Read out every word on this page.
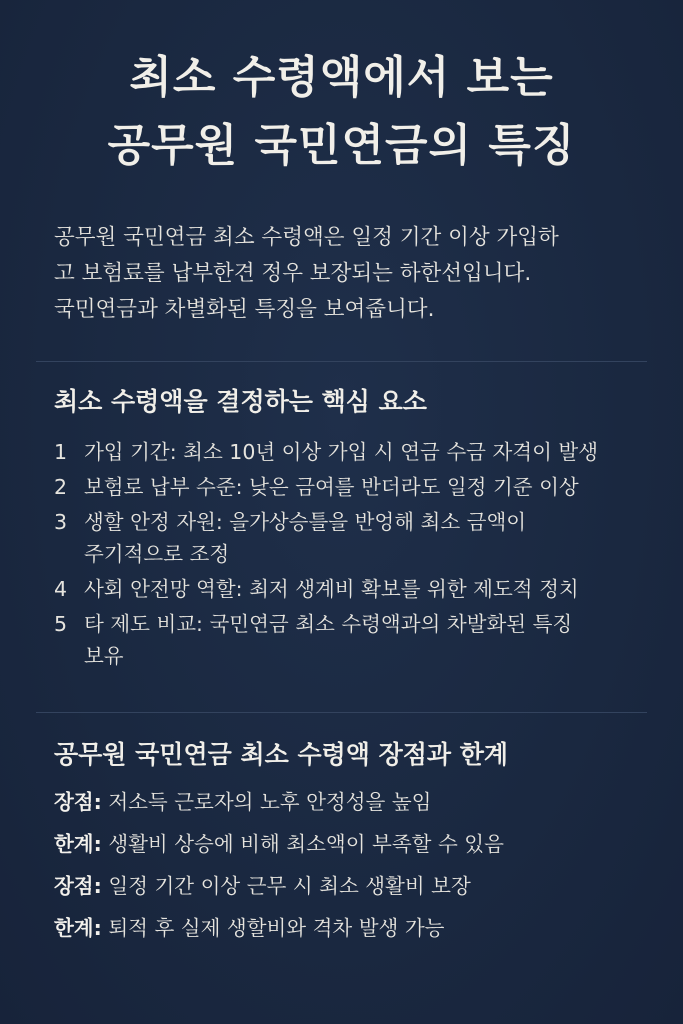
최소 수령액에서 보는
공무원 국민연금의 특징
공무원 국민연금 최소 수령액은 일정 기간 이상 가입하
고 보험료를 납부한견 정우 보장되는 하한선입니다.
국민연금과 차별화된 특징을 보여줍니다.
최소 수령액을 결정하는 핵심 요소
1 가입 기간: 최소 10년 이상 가입 시 연금 수금 자격이 발생
2 보험로 납부 수준: 낮은 금여를 반더라도 일정 기준 이상
3 생할 안정 자원: 을가상승틀을 반엉해 최소 금액이
주기적으로 조정
4 사회 안전망 역할: 최저 생계비 확보를 위한 제도적 정치
5 타 제도 비교: 국민연금 최소 수령액과의 차발화된 특징
보유
공무원 국민연금 최소 수령액 장점과 한계
장점: 저소득 근로자의 노후 안정성을 높임
한계: 생활비 상승에 비해 최소액이 부족할 수 있음
장점: 일정 기간 이상 근무 시 최소 생활비 보장
한계: 퇴적 후 실제 생할비와 격차 발생 가능
